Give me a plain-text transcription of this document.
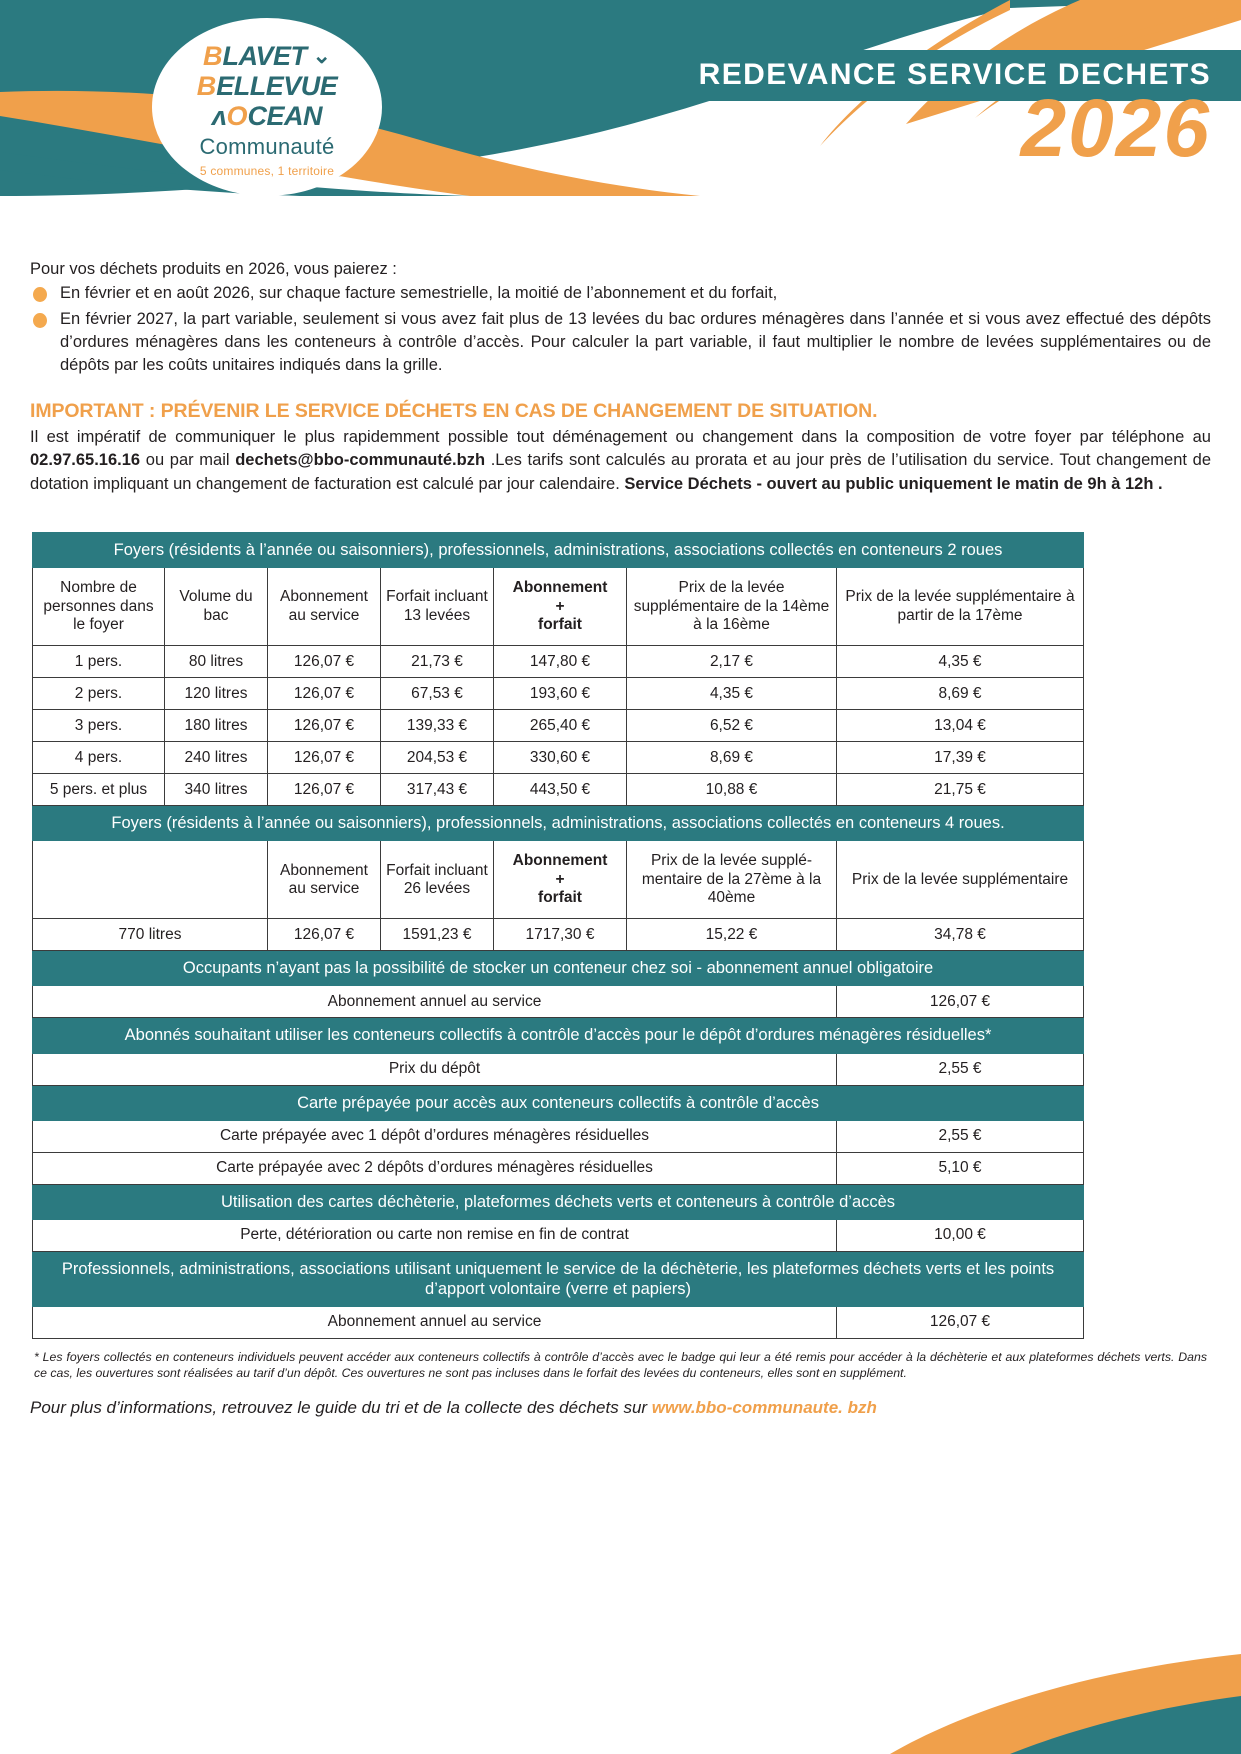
B LAVET ⌄
B ELLEVUE
ʌ O CEAN
Communauté
5 communes, 1 territoire
REDEVANCE SERVICE DECHETS
2026
Pour vos déchets produits en 2026, vous paierez :
En février et en août 2026, sur chaque facture semestrielle, la moitié de l’abonnement et du forfait,
En février 2027, la part variable, seulement si vous avez fait plus de 13 levées du bac ordures ménagères dans l’année et si vous avez effectué des dépôts d’ordures ménagères dans les conteneurs à contrôle d’accès. Pour calculer la part variable, il faut multiplier le nombre de levées supplémentaires ou de dépôts par les coûts unitaires indiqués dans la grille.
IMPORTANT : PRÉVENIR LE SERVICE DÉCHETS EN CAS DE CHANGEMENT DE SITUATION.
Il est impératif de communiquer le plus rapidemment possible tout déménagement ou changement dans la composition de votre foyer par téléphone au 02.97.65.16.16 ou par mail dechets@bbo-communauté.bzh .Les tarifs sont calculés au prorata et au jour près de l’utilisation du service. Tout changement de dotation impliquant un changement de facturation est calculé par jour calendaire. Service Déchets - ouvert au public uniquement le matin de 9h à 12h .
Foyers (résidents à l’année ou saisonniers), professionnels, administrations, associations collectés en conteneurs 2 roues						
Nombre de personnes dans le foyer	Volume du bac	Abonnement au service	Forfait incluant 13 levées	Abonnement
+
forfait	Prix de la levée supplémentaire de la 14ème à la 16ème	Prix de la levée supplémentaire à partir de la 17ème
1 pers.	80 litres	126,07 €	21,73 €	147,80 €	2,17 €	4,35 €
2 pers.	120 litres	126,07 €	67,53 €	193,60 €	4,35 €	8,69 €
3 pers.	180 litres	126,07 €	139,33 €	265,40 €	6,52 €	13,04 €
4 pers.	240 litres	126,07 €	204,53 €	330,60 €	8,69 €	17,39 €
5 pers. et plus	340 litres	126,07 €	317,43 €	443,50 €	10,88 €	21,75 €
Foyers (résidents à l’année ou saisonniers), professionnels, administrations, associations collectés en conteneurs 4 roues.						
		Abonnement au service	Forfait incluant 26 levées	Abonnement
+
forfait	Prix de la levée supplé-mentaire de la 27ème à la 40ème	Prix de la levée supplémentaire
770 litres		126,07 €	1591,23 €	1717,30 €	15,22 €	34,78 €
Occupants n’ayant pas la possibilité de stocker un conteneur chez soi - abonnement annuel obligatoire						
Abonnement annuel au service						126,07 €
Abonnés souhaitant utiliser les conteneurs collectifs à contrôle d’accès pour le dépôt d’ordures ménagères résiduelles*						
Prix du dépôt						2,55 €
Carte prépayée pour accès aux conteneurs collectifs à contrôle d’accès						
Carte prépayée avec 1 dépôt d’ordures ménagères résiduelles						2,55 €
Carte prépayée avec 2 dépôts d’ordures ménagères résiduelles						5,10 €
Utilisation des cartes déchèterie, plateformes déchets verts et conteneurs à contrôle d’accès						
Perte, détérioration ou carte non remise en fin de contrat						10,00 €
Professionnels, administrations, associations utilisant uniquement le service de la déchèterie, les plateformes déchets verts et les points d’apport volontaire (verre et papiers)						
Abonnement annuel au service						126,07 €
* Les foyers collectés en conteneurs individuels peuvent accéder aux conteneurs collectifs à contrôle d’accès avec le badge qui leur a été remis pour accéder à la déchèterie et aux plateformes déchets verts. Dans ce cas, les ouvertures sont réalisées au tarif d’un dépôt. Ces ouvertures ne sont pas incluses dans le forfait des levées du conteneurs, elles sont en supplément.
Pour plus d’informations, retrouvez le guide du tri et de la collecte des déchets sur www.bbo-communaute. bzh
